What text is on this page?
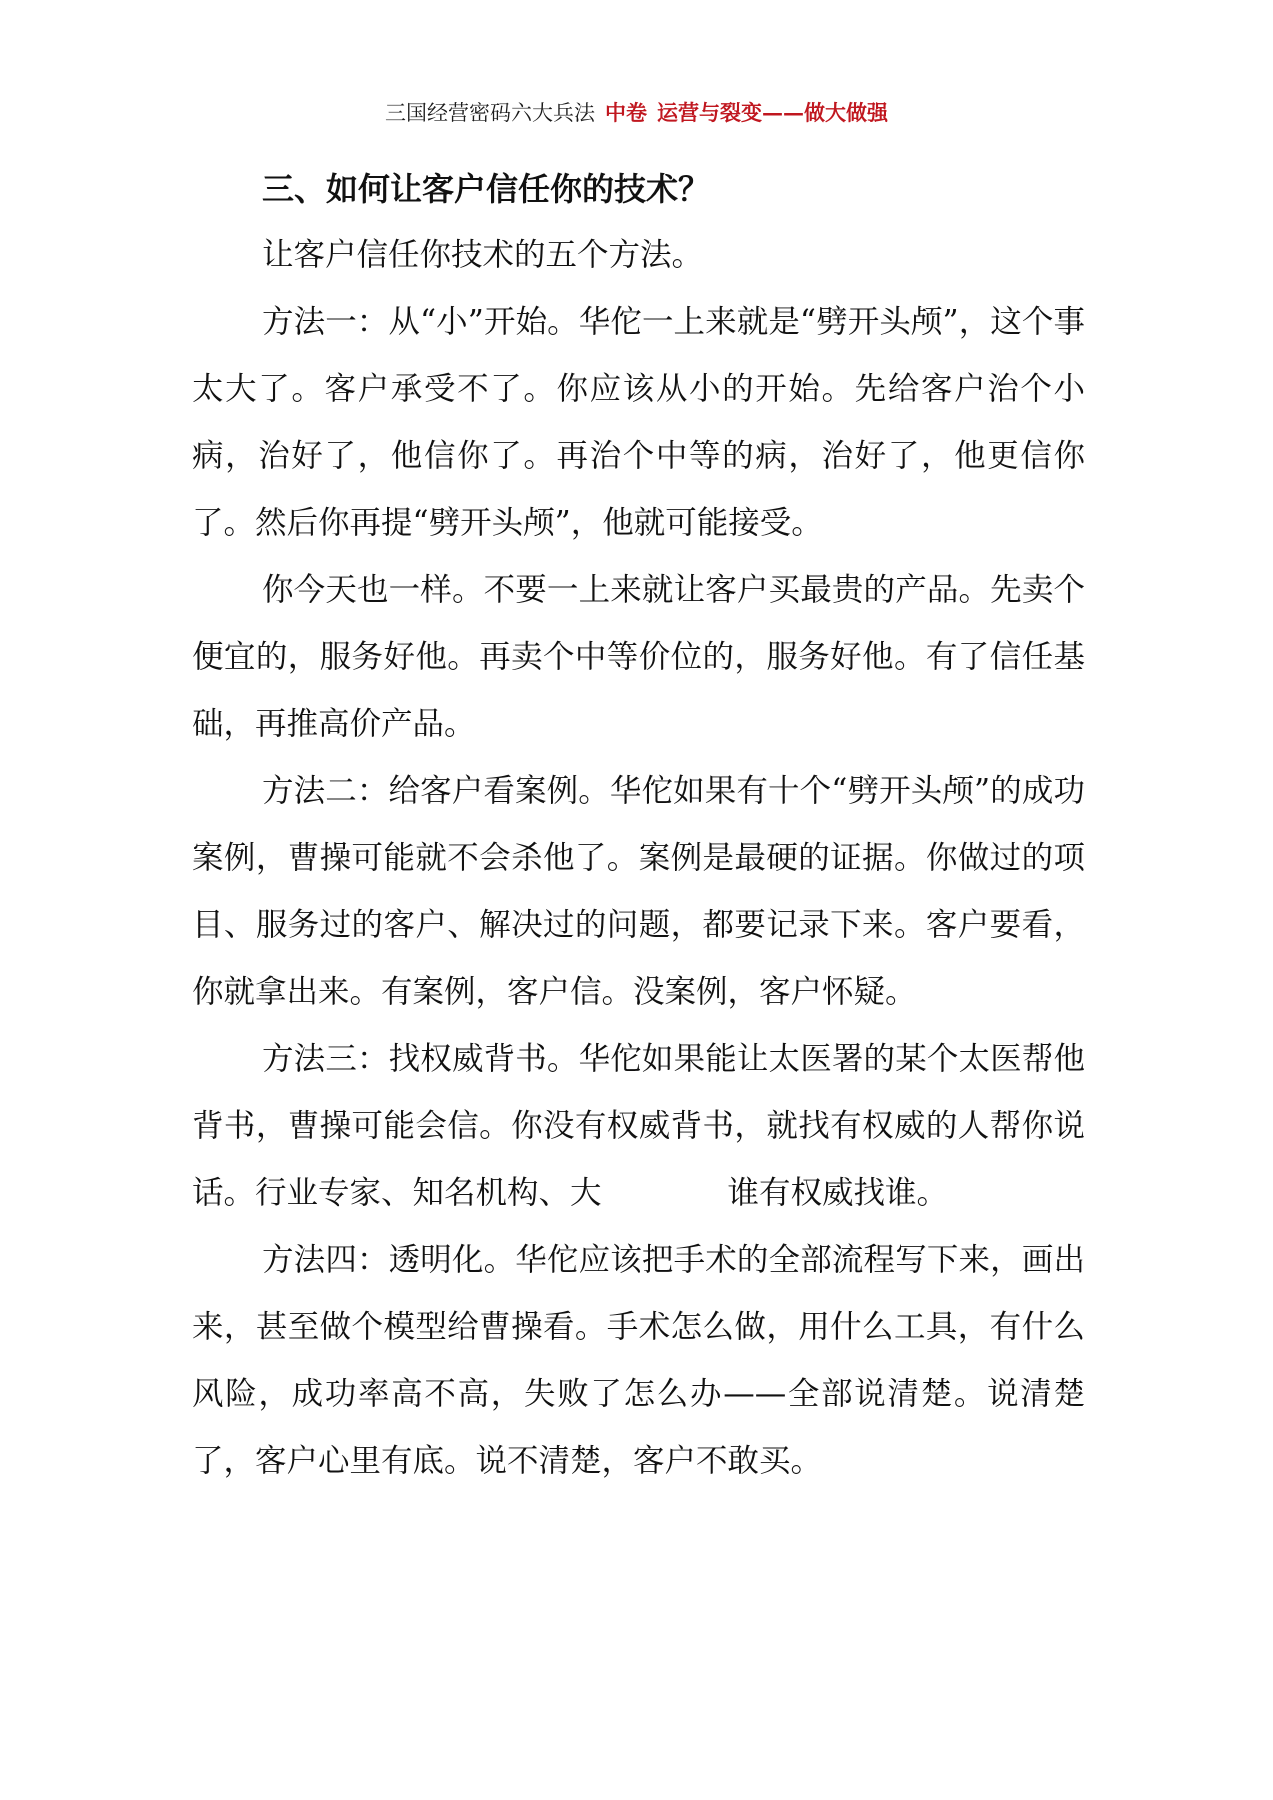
三国经营密码六大兵法 中卷 运营与裂变——做大做强
三、如何让客户信任你的技术？

让客户信任你技术的五个方法。

方法一：从“小”开始。华佗一上来就是“劈开头颅”，这个事太大了。客户承受不了。你应该从小的开始。先给客户治个小病，治好了，他信你了。再治个中等的病，治好了，他更信你了。然后你再提“劈开头颅”，他就可能接受。

你今天也一样。不要一上来就让客户买最贵的产品。先卖个便宜的，服务好他。再卖个中等价位的，服务好他。有了信任基础，再推高价产品。

方法二：给客户看案例。华佗如果有十个“劈开头颅”的成功案例，曹操可能就不会杀他了。案例是最硬的证据。你做过的项目、服务过的客户、解决过的问题，都要记录下来。客户要看，你就拿出来。有案例，客户信。没案例，客户怀疑。

方法三：找权威背书。华佗如果能让太医署的某个太医帮他背书，曹操可能会信。你没有权威背书，就找有权威的人帮你说话。行业专家、知名机构、大　　　　谁有权威找谁。

方法四：透明化。华佗应该把手术的全部流程写下来，画出来，甚至做个模型给曹操看。手术怎么做，用什么工具，有什么风险，成功率高不高，失败了怎么办——全部说清楚。说清楚了，客户心里有底。说不清楚，客户不敢买。
